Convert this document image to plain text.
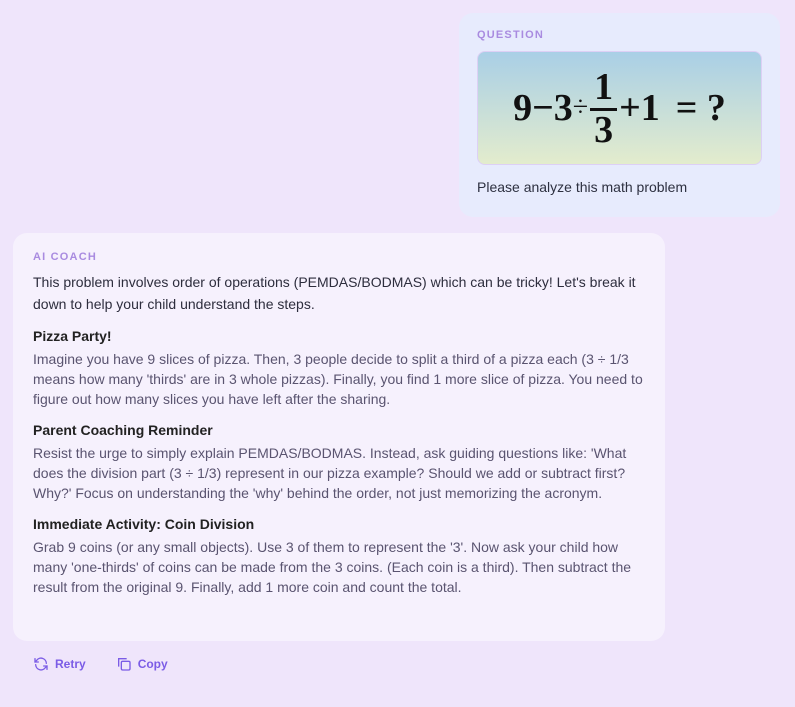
QUESTION
$9 - 3 \div \frac{1}{3} + 1$ = ?
Please analyze this math problem
AI COACH

This problem involves order of operations (PEMDAS/BODMAS) which can be tricky! Let's break it down to help your child understand the steps.

Pizza Party!

Imagine you have 9 slices of pizza. Then, 3 people decide to split a third of a pizza each (3 ÷ 1/3 means how many 'thirds' are in 3 whole pizzas). Finally, you find 1 more slice of pizza. You need to figure out how many slices you have left after the sharing.

Parent Coaching Reminder

Resist the urge to simply explain PEMDAS/BODMAS. Instead, ask guiding questions like: 'What does the division part (3 ÷ 1/3) represent in our pizza example? Should we add or subtract first? Why?' Focus on understanding the 'why' behind the order, not just memorizing the acronym.

Immediate Activity: Coin Division

Grab 9 coins (or any small objects). Use 3 of them to represent the '3'. Now ask your child how many 'one-thirds' of coins can be made from the 3 coins. (Each coin is a third). Then subtract the result from the original 9. Finally, add 1 more coin and count the total.

Retry	Copy
